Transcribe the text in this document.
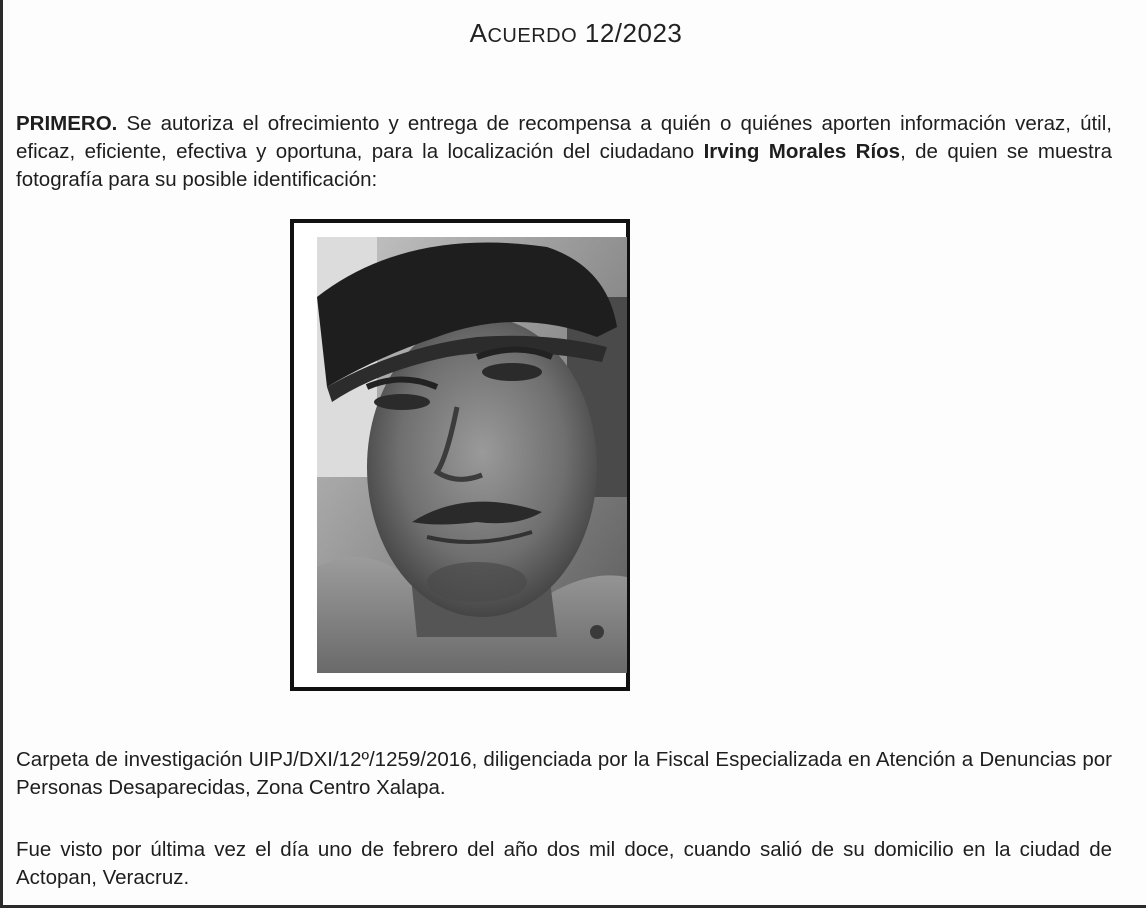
ACUERDO 12/2023
PRIMERO. Se autoriza el ofrecimiento y entrega de recompensa a quién o quiénes aporten información veraz, útil, eficaz, eficiente, efectiva y oportuna, para la localización del ciudadano Irving Morales Ríos, de quien se muestra fotografía para su posible identificación:
Carpeta de investigación UIPJ/DXI/12º/1259/2016, diligenciada por la Fiscal Especializada en Atención a Denuncias por Personas Desaparecidas, Zona Centro Xalapa.
Fue visto por última vez el día uno de febrero del año dos mil doce, cuando salió de su domicilio en la ciudad de Actopan, Veracruz.
